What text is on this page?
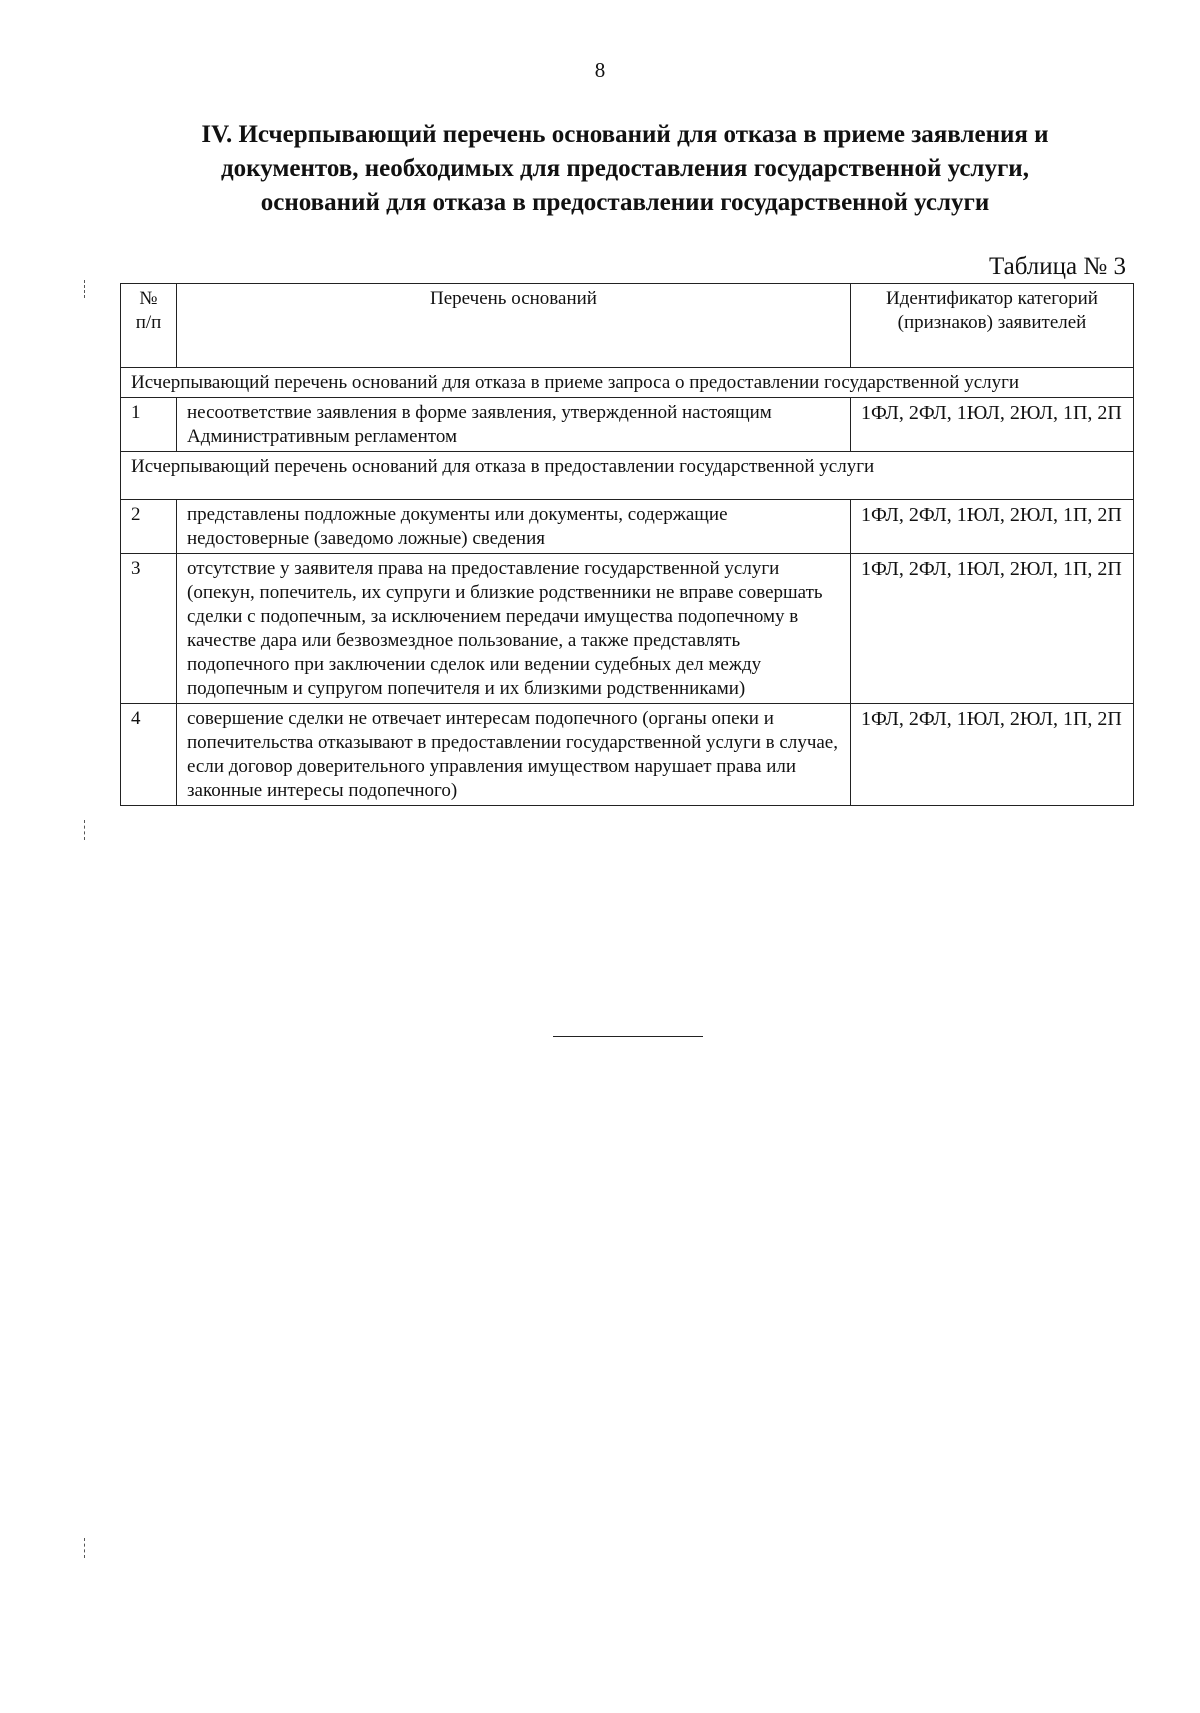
8
IV. Исчерпывающий перечень оснований для отказа в приеме заявления и
документов, необходимых для предоставления государственной услуги,
оснований для отказа в предоставлении государственной услуги
Таблица № 3
№ п/п	Перечень оснований	Идентификатор категорий (признаков) заявителей
Исчерпывающий перечень оснований для отказа в приеме запроса о предоставлении государственной услуги		
1	несоответствие заявления в форме заявления, утвержденной настоящим Административным регламентом	1ФЛ, 2ФЛ, 1ЮЛ, 2ЮЛ, 1П, 2П
Исчерпывающий перечень оснований для отказа в предоставлении государственной услуги		
2	представлены подложные документы или документы, содержащие недостоверные (заведомо ложные) сведения	1ФЛ, 2ФЛ, 1ЮЛ, 2ЮЛ, 1П, 2П
3	отсутствие у заявителя права на предоставление государственной услуги (опекун, попечитель, их супруги и близкие родственники не вправе совершать сделки с подопечным, за исключением передачи имущества подопечному в качестве дара или безвозмездное пользование, а также представлять подопечного при заключении сделок или ведении судебных дел между подопечным и супругом попечителя и их близкими родственниками)	1ФЛ, 2ФЛ, 1ЮЛ, 2ЮЛ, 1П, 2П
4	совершение сделки не отвечает интересам подопечного (органы опеки и попечительства отказывают в предоставлении государственной услуги в случае, если договор доверительного управления имуществом нарушает права или законные интересы подопечного)	1ФЛ, 2ФЛ, 1ЮЛ, 2ЮЛ, 1П, 2П
